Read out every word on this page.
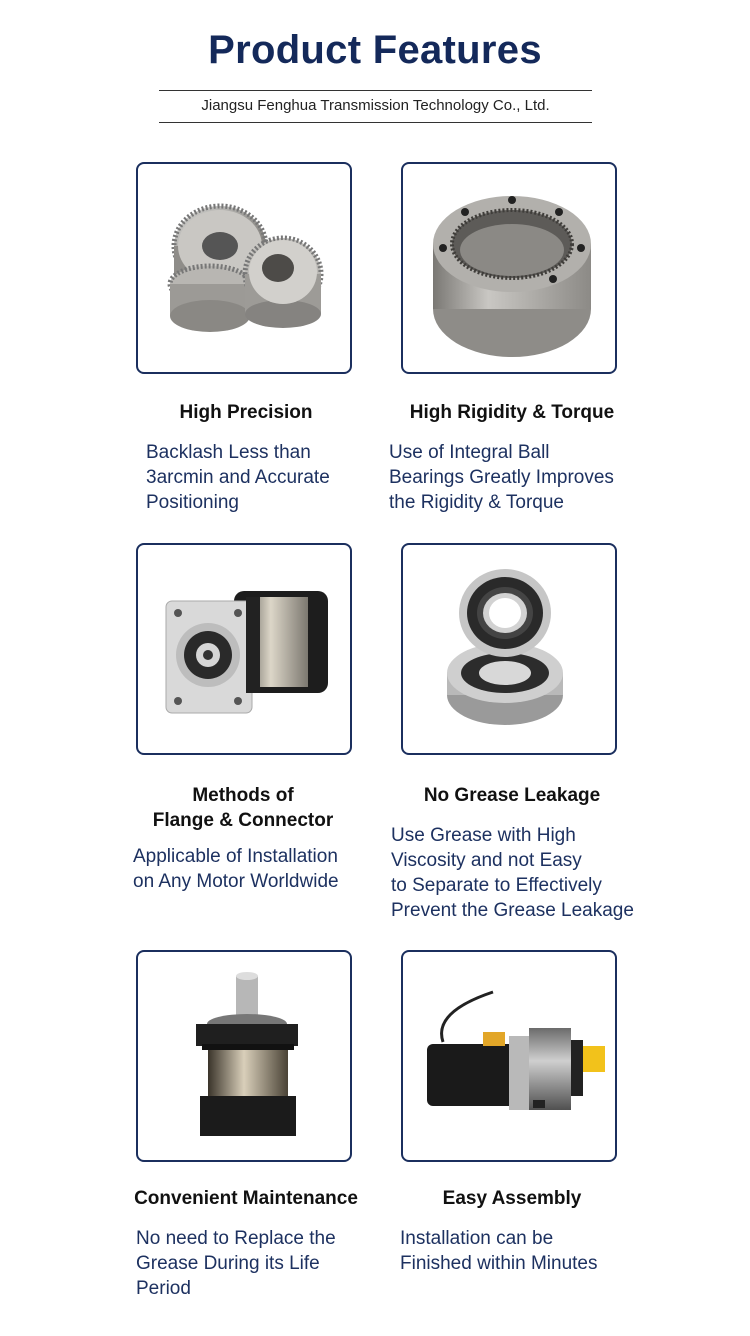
Product Features
Jiangsu Fenghua Transmission Technology Co., Ltd.
High Precision	High Rigidity & Torque
Methods of
Flange & Connector
No Grease Leakage
Convenient Maintenance	Easy Assembly
Backlash Less than
3arcmin and Accurate
Positioning
Use of Integral Ball
Bearings Greatly Improves
the Rigidity & Torque
Applicable of Installation
on Any Motor Worldwide
Use Grease with High
Viscosity and not Easy
to Separate to Effectively
Prevent the Grease Leakage
No need to Replace the
Grease During its Life
Period
Installation can be
Finished within Minutes
